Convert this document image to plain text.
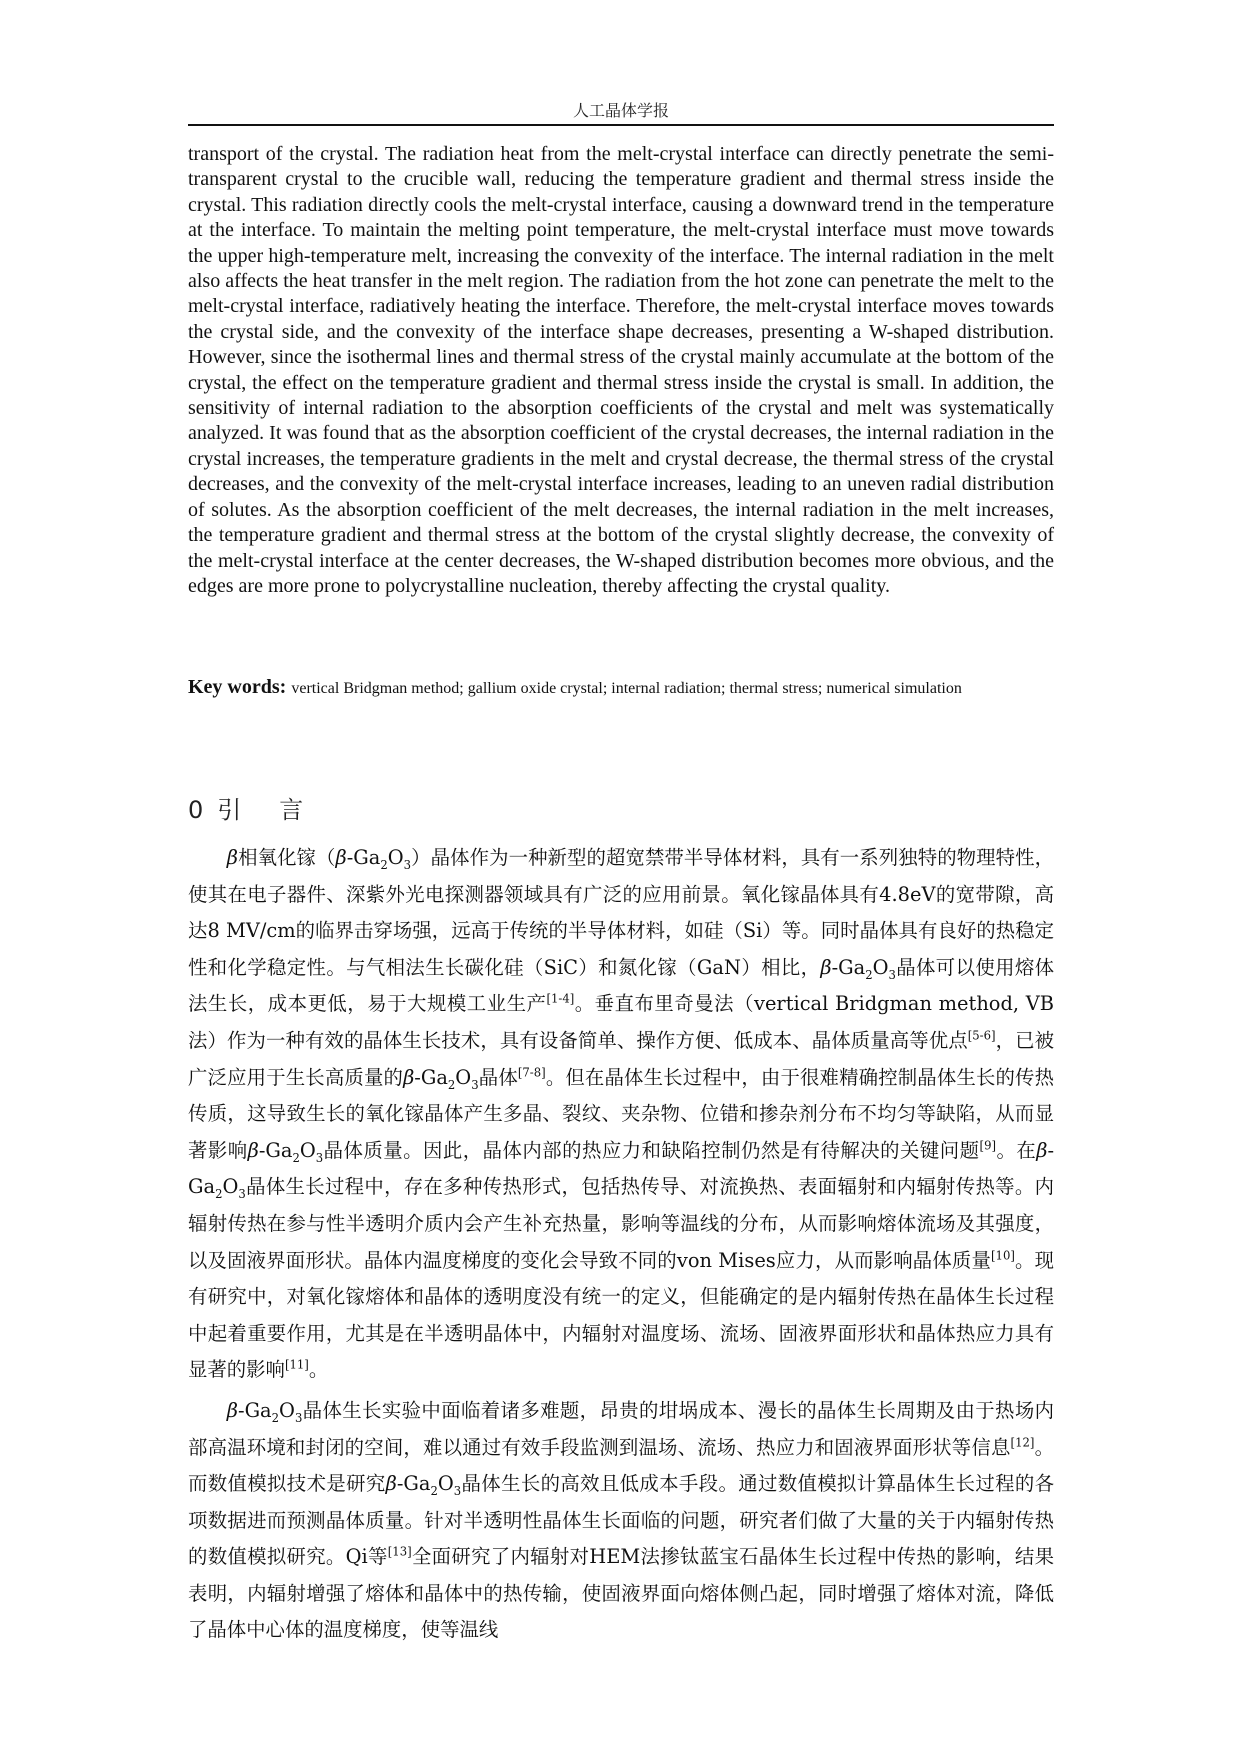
人工晶体学报

transport of the crystal. The radiation heat from the melt-crystal interface can directly penetrate the semi-transparent crystal to the crucible wall, reducing the temperature gradient and thermal stress inside the crystal. This radiation directly cools the melt-crystal interface, causing a downward trend in the temperature at the interface. To maintain the melting point temperature, the melt-crystal interface must move towards the upper high-temperature melt, increasing the convexity of the interface. The internal radiation in the melt also affects the heat transfer in the melt region. The radiation from the hot zone can penetrate the melt to the melt-crystal interface, radiatively heating the interface. Therefore, the melt-crystal interface moves towards the crystal side, and the convexity of the interface shape decreases, presenting a W-shaped distribution. However, since the isothermal lines and thermal stress of the crystal mainly accumulate at the bottom of the crystal, the effect on the temperature gradient and thermal stress inside the crystal is small. In addition, the sensitivity of internal radiation to the absorption coefficients of the crystal and melt was systematically analyzed. It was found that as the absorption coefficient of the crystal decreases, the internal radiation in the crystal increases, the temperature gradients in the melt and crystal decrease, the thermal stress of the crystal decreases, and the convexity of the melt-crystal interface increases, leading to an uneven radial distribution of solutes. As the absorption coefficient of the melt decreases, the internal radiation in the melt increases, the temperature gradient and thermal stress at the bottom of the crystal slightly decrease, the convexity of the melt-crystal interface at the center decreases, the W-shaped distribution becomes more obvious, and the edges are more prone to polycrystalline nucleation, thereby affecting the crystal quality.

Key words: vertical Bridgman method; gallium oxide crystal; internal radiation; thermal stress; numerical simulation

0 引言

β相氧化镓$(\beta-Ga_2O_3)$晶体作为一种新型的超宽禁带半导体材料，具有一系列独特的物理特性，使其在电子器件、深紫外光电探测器领域具有广泛的应用前景。氧化镓晶体具有4.8eV的宽带隙，高达8 MV/cm的临界击穿场强，远高于传统的半导体材料，如硅（Si）等。同时晶体具有良好的热稳定性和化学稳定性。与气相法生长碳化硅（SiC）和氮化镓（GaN）相比，$\beta-Ga_2O_3$晶体可以使用熔体法生长，成本更低，易于大规模工业生产[1-4]。垂直布里奇曼法（vertical Bridgman method, VB法）作为一种有效的晶体生长技术，具有设备简单、操作方便、低成本、晶体质量高等优点[5-6]，已被广泛应用于生长高质量的$\beta-Ga_2O_3$晶体[7-8]。但在晶体生长过程中，由于很难精确控制晶体生长的传热传质，这导致生长的氧化镓晶体产生多晶、裂纹、夹杂物、位错和掺杂剂分布不均匀等缺陷，从而显著影响$\beta-Ga_2O_3$晶体质量。因此，晶体内部的热应力和缺陷控制仍然是有待解决的关键问题[9]。在$\beta-Ga_2O_3$晶体生长过程中，存在多种传热形式，包括热传导、对流换热、表面辐射和内辐射传热等。内辐射传热在参与性半透明介质内会产生补充热量，影响等温线的分布，从而影响熔体流场及其强度，以及固液界面形状。晶体内温度梯度的变化会导致不同的von Mises应力，从而影响晶体质量[10]。现有研究中，对氧化镓熔体和晶体的透明度没有统一的定义，但能确定的是内辐射传热在晶体生长过程中起着重要作用，尤其是在半透明晶体中，内辐射对温度场、流场、固液界面形状和晶体热应力具有显著的影响[11]。

$\beta-Ga_2O_3$晶体生长实验中面临着诸多难题，昂贵的坩埚成本、漫长的晶体生长周期及由于热场内部高温环境和封闭的空间，难以通过有效手段监测到温场、流场、热应力和固液界面形状等信息[12]。而数值模拟技术是研究$\beta-Ga_2O_3$晶体生长的高效且低成本手段。通过数值模拟计算晶体生长过程的各项数据进而预测晶体质量。针对半透明性晶体生长面临的问题，研究者们做了大量的关于内辐射传热的数值模拟研究。Qi等[13]全面研究了内辐射对HEM法掺钛蓝宝石晶体生长过程中传热的影响，结果表明，内辐射增强了熔体和晶体中的热传输，使固液界面向熔体侧凸起，同时增强了熔体对流，降低了晶体中心体的温度梯度，使等温线
